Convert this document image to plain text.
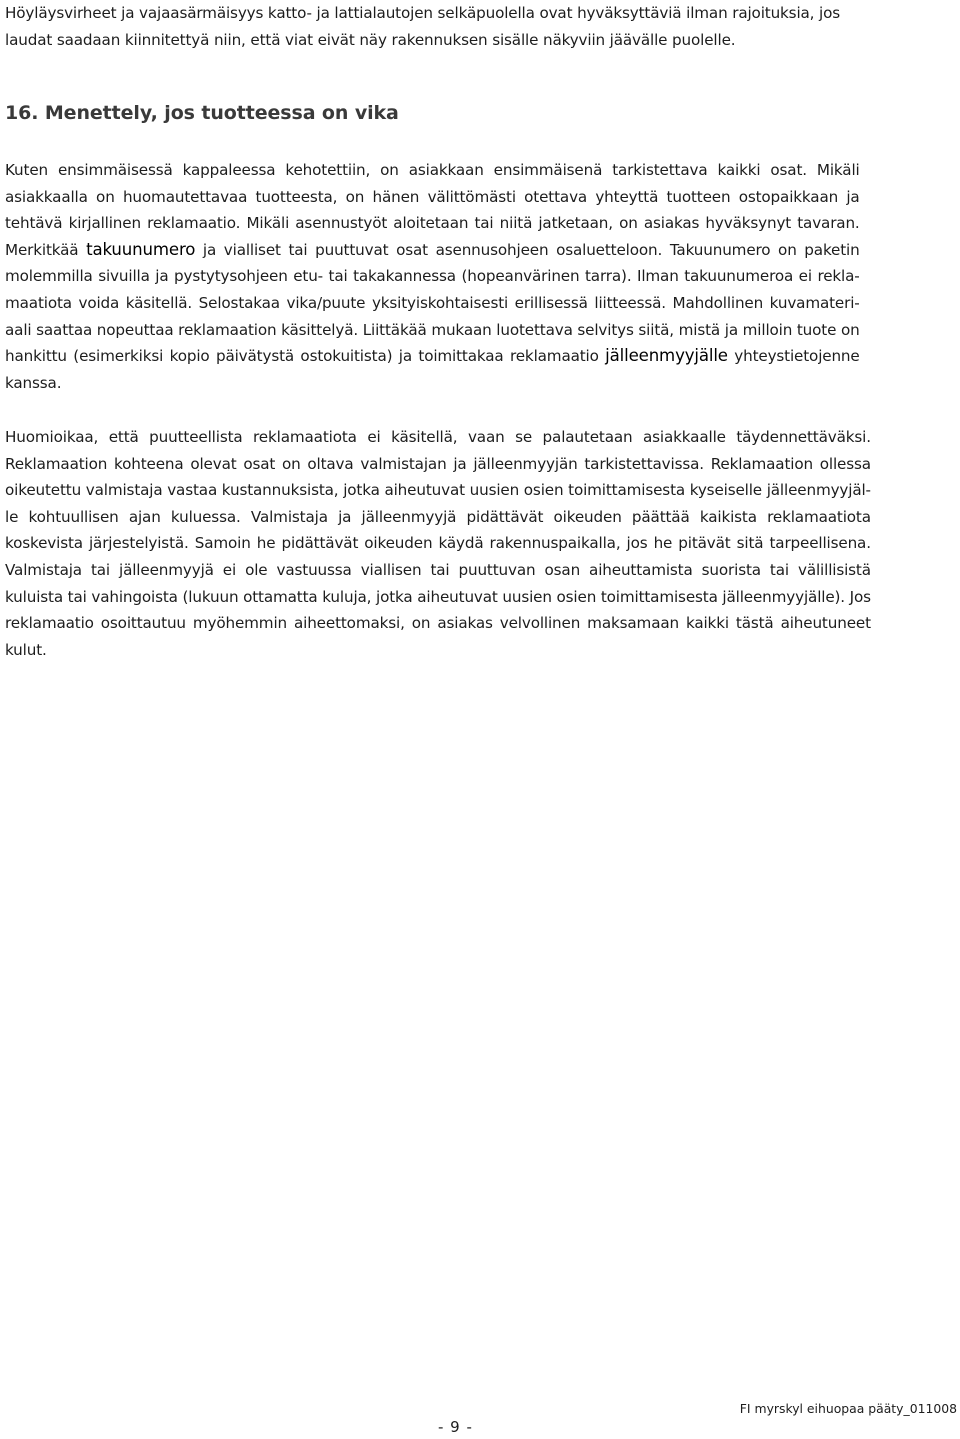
Höyläysvirheet ja vajaasärmäisyys katto- ja lattialautojen selkäpuolella ovat hyväksyttäviä ilman rajoituksia, jos
laudat saadaan kiinnitettyä niin, että viat eivät näy rakennuksen sisälle näkyviin jäävälle puolelle.

16. Menettely, jos tuotteessa on vika

Kuten ensimmäisessä kappaleessa kehotettiin, on asiakkaan ensimmäisenä tarkistettava kaikki osat. Mikäli
asiakkaalla on huomautettavaa tuotteesta, on hänen välittömästi otettava yhteyttä tuotteen ostopaikkaan ja
tehtävä kirjallinen reklamaatio. Mikäli asennustyöt aloitetaan tai niitä jatketaan, on asiakas hyväksynyt tavaran.
Merkitkää takuunumero ja vialliset tai puuttuvat osat asennusohjeen osaluetteloon. Takuunumero on paketin
molemmilla sivuilla ja pystytysohjeen etu- tai takakannessa (hopeanvärinen tarra). Ilman takuunumeroa ei rekla-
maatiota voida käsitellä. Selostakaa vika/puute yksityiskohtaisesti erillisessä liitteessä. Mahdollinen kuvamateri-
aali saattaa nopeuttaa reklamaation käsittelyä. Liittäkää mukaan luotettava selvitys siitä, mistä ja milloin tuote on
hankittu (esimerkiksi kopio päivätystä ostokuitista) ja toimittakaa reklamaatio jälleenmyyjälle yhteystietojenne
kanssa.

Huomioikaa, että puutteellista reklamaatiota ei käsitellä, vaan se palautetaan asiakkaalle täydennettäväksi.
Reklamaation kohteena olevat osat on oltava valmistajan ja jälleenmyyjän tarkistettavissa. Reklamaation ollessa
oikeutettu valmistaja vastaa kustannuksista, jotka aiheutuvat uusien osien toimittamisesta kyseiselle jälleenmyyjäl-
le kohtuullisen ajan kuluessa. Valmistaja ja jälleenmyyjä pidättävät oikeuden päättää kaikista reklamaatiota
koskevista järjestelyistä. Samoin he pidättävät oikeuden käydä rakennuspaikalla, jos he pitävät sitä tarpeellisena.
Valmistaja tai jälleenmyyjä ei ole vastuussa viallisen tai puuttuvan osan aiheuttamista suorista tai välillisistä
kuluista tai vahingoista (lukuun ottamatta kuluja, jotka aiheutuvat uusien osien toimittamisesta jälleenmyyjälle). Jos
reklamaatio osoittautuu myöhemmin aiheettomaksi, on asiakas velvollinen maksamaan kaikki tästä aiheutuneet
kulut.

- 9 -
FI myrskyl eihuopaa pääty_011008
